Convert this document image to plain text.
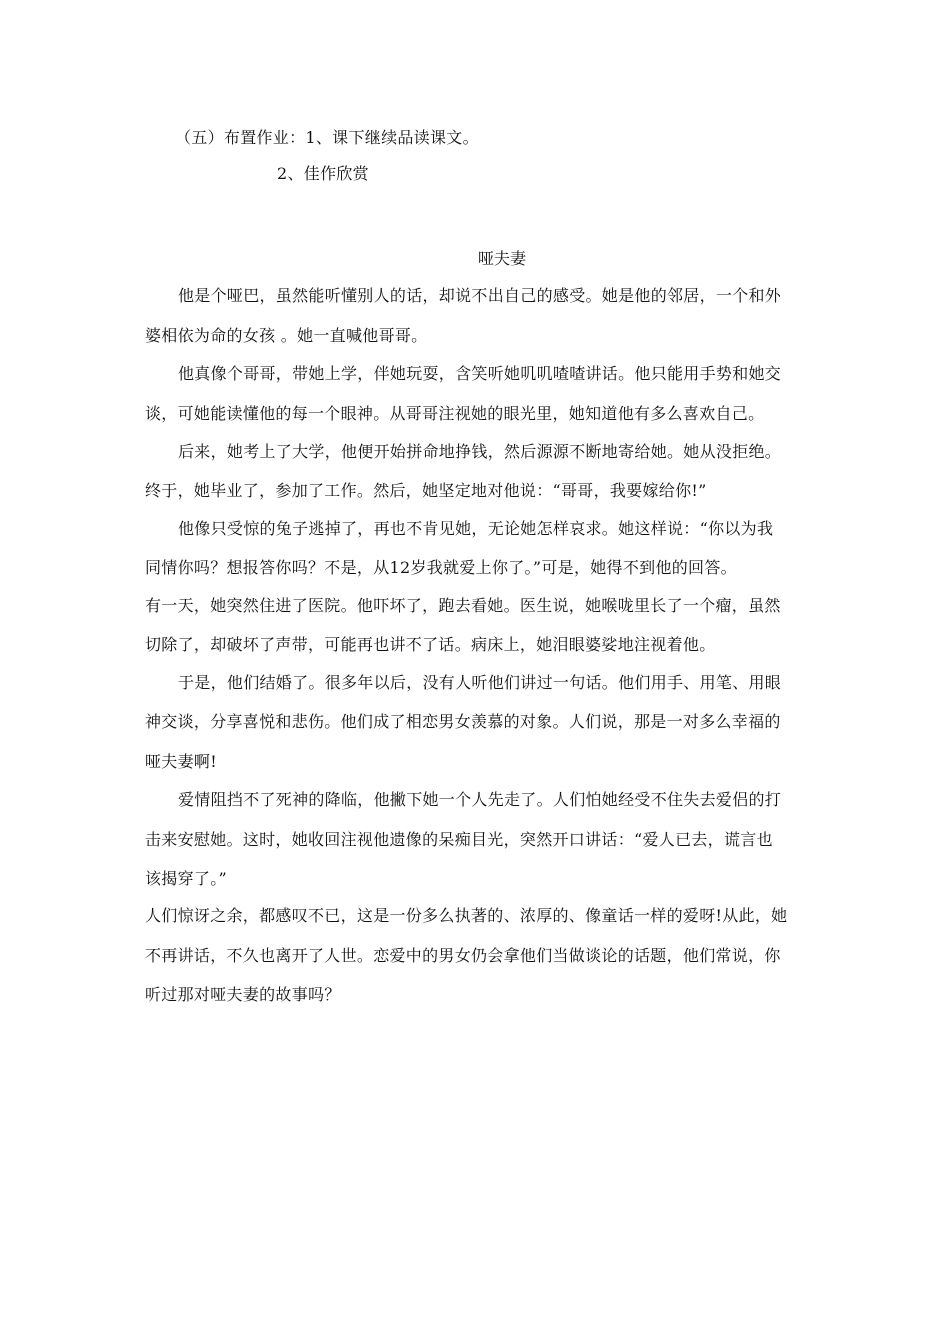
（五）布置作业：1、课下继续品读课文。
2、佳作欣赏
哑夫妻
他是个哑巴，虽然能听懂别人的话，却说不出自己的感受。她是他的邻居，一个和外
婆相依为命的女孩 。她一直喊他哥哥。
他真像个哥哥，带她上学，伴她玩耍，含笑听她叽叽喳喳讲话。他只能用手势和她交
谈，可她能读懂他的每一个眼神。从哥哥注视她的眼光里，她知道他有多么喜欢自己。
后来，她考上了大学，他便开始拼命地挣钱，然后源源不断地寄给她。她从没拒绝。
终于，她毕业了，参加了工作。然后，她坚定地对他说：“哥哥，我要嫁给你!”
他像只受惊的兔子逃掉了，再也不肯见她，无论她怎样哀求。她这样说：“你以为我
同情你吗？想报答你吗？不是，从12岁我就爱上你了。”可是，她得不到他的回答。
有一天，她突然住进了医院。他吓坏了，跑去看她。医生说，她喉咙里长了一个瘤，虽然
切除了，却破坏了声带，可能再也讲不了话。病床上，她泪眼婆娑地注视着他。
于是，他们结婚了。很多年以后，没有人听他们讲过一句话。他们用手、用笔、用眼
神交谈，分享喜悦和悲伤。他们成了相恋男女羡慕的对象。人们说，那是一对多么幸福的
哑夫妻啊!
爱情阻挡不了死神的降临，他撇下她一个人先走了。人们怕她经受不住失去爱侣的打
击来安慰她。这时，她收回注视他遗像的呆痴目光，突然开口讲话：“爱人已去，谎言也
该揭穿了。”
人们惊讶之余，都感叹不已，这是一份多么执著的、浓厚的、像童话一样的爱呀!从此，她
不再讲话，不久也离开了人世。恋爱中的男女仍会拿他们当做谈论的话题，他们常说，你
听过那对哑夫妻的故事吗？
